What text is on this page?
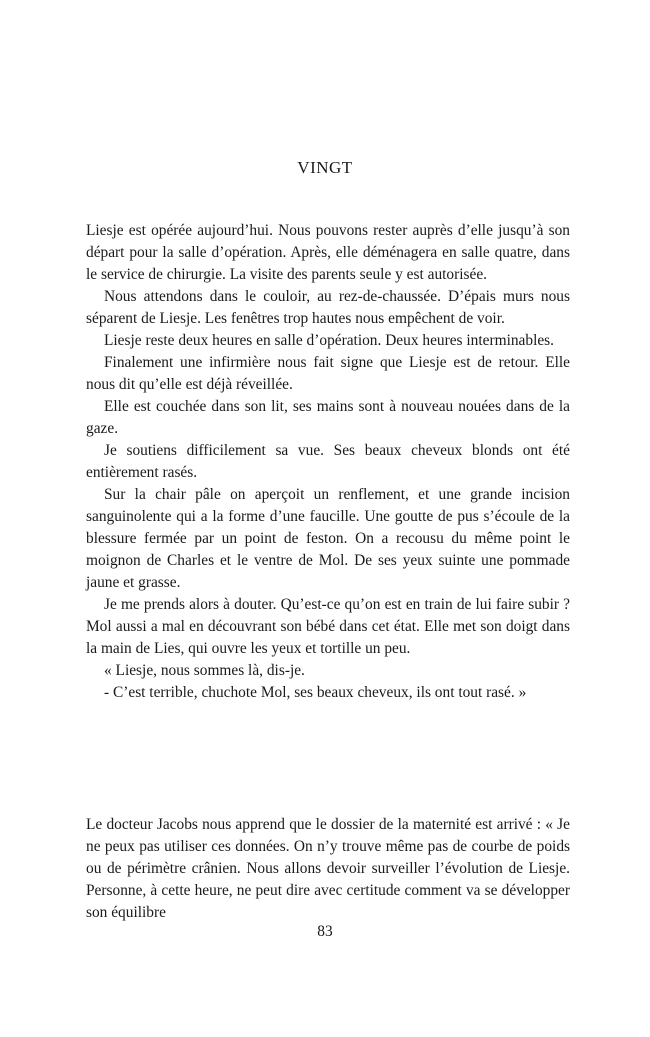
VINGT

Liesje est opérée aujourd’hui. Nous pouvons rester auprès d’elle jusqu’à son départ pour la salle d’opération. Après, elle déménagera en salle quatre, dans le service de chirurgie. La visite des parents seule y est autorisée.

Nous attendons dans le couloir, au rez-de-chaussée. D’épais murs nous séparent de Liesje. Les fenêtres trop hautes nous empêchent de voir.

Liesje reste deux heures en salle d’opération. Deux heures interminables.

Finalement une infirmière nous fait signe que Liesje est de retour. Elle nous dit qu’elle est déjà réveillée.

Elle est couchée dans son lit, ses mains sont à nouveau nouées dans de la gaze.

Je soutiens difficilement sa vue. Ses beaux cheveux blonds ont été entièrement rasés.

Sur la chair pâle on aperçoit un renflement, et une grande incision sanguinolente qui a la forme d’une faucille. Une goutte de pus s’écoule de la blessure fermée par un point de feston. On a recousu du même point le moignon de Charles et le ventre de Mol. De ses yeux suinte une pommade jaune et grasse.

Je me prends alors à douter. Qu’est-ce qu’on est en train de lui faire subir ? Mol aussi a mal en découvrant son bébé dans cet état. Elle met son doigt dans la main de Lies, qui ouvre les yeux et tortille un peu.

« Liesje, nous sommes là, dis-je.

- C’est terrible, chuchote Mol, ses beaux cheveux, ils ont tout rasé. »

Le docteur Jacobs nous apprend que le dossier de la maternité est arrivé : « Je ne peux pas utiliser ces données. On n’y trouve même pas de courbe de poids ou de périmètre crânien. Nous allons devoir surveiller l’évolution de Liesje. Personne, à cette heure, ne peut dire avec certitude comment va se développer son équilibre

83
